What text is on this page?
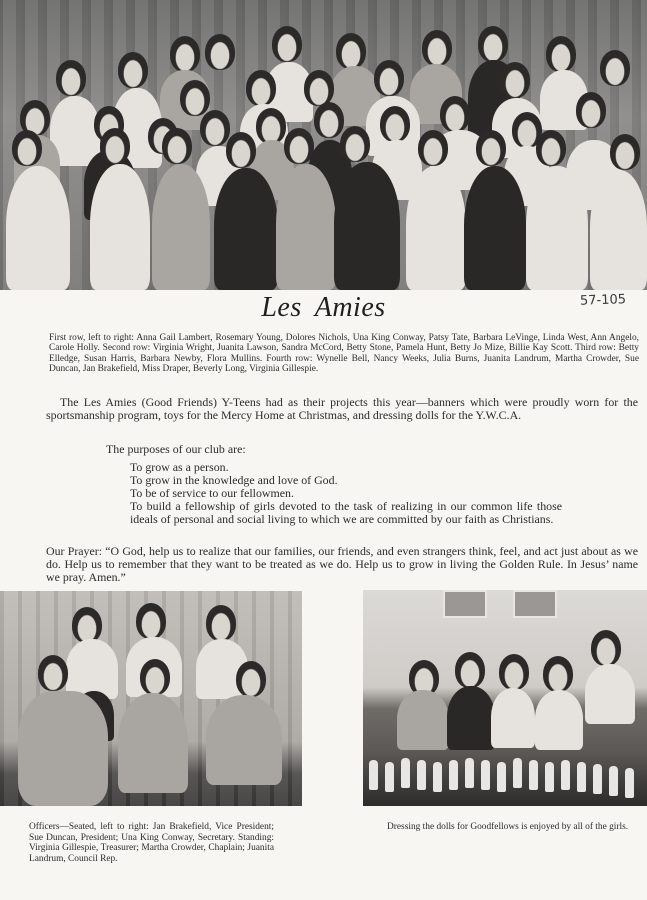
Les Amies	57-105
First row, left to right: Anna Gail Lambert, Rosemary Young, Dolores Nichols, Una King Conway, Patsy Tate, Barbara LeVinge, Linda West, Ann Angelo, Carole Holly. Second row: Virginia Wright, Juanita Lawson, Sandra McCord, Betty Stone, Pamela Hunt, Betty Jo Mize, Billie Kay Scott. Third row: Betty Elledge, Susan Harris, Barbara Newby, Flora Mullins. Fourth row: Wynelle Bell, Nancy Weeks, Julia Burns, Juanita Landrum, Martha Crowder, Sue Duncan, Jan Brakefield, Miss Draper, Beverly Long, Virginia Gillespie.
The Les Amies (Good Friends) Y-Teens had as their projects this year—banners which were proudly worn for the sportsmanship program, toys for the Mercy Home at Christmas, and dressing dolls for the Y.W.C.A.
The purposes of our club are:
To grow as a person.
To grow in the knowledge and love of God.
To be of service to our fellowmen.
To build a fellowship of girls devoted to the task of realizing in our common life those ideals of personal and social living to which we are committed by our faith as Christians.
Our Prayer: “O God, help us to realize that our families, our friends, and even strangers think, feel, and act just about as we do. Help us to remember that they want to be treated as we do. Help us to grow in living the Golden Rule. In Jesus’ name we pray. Amen.”
Officers—Seated, left to right: Jan Brakefield, Vice President; Sue Duncan, President; Una King Conway, Secretary. Standing: Virginia Gillespie, Treasurer; Martha Crowder, Chaplain; Juanita Landrum, Council Rep.
Dressing the dolls for Goodfellows is enjoyed by all of the girls.
